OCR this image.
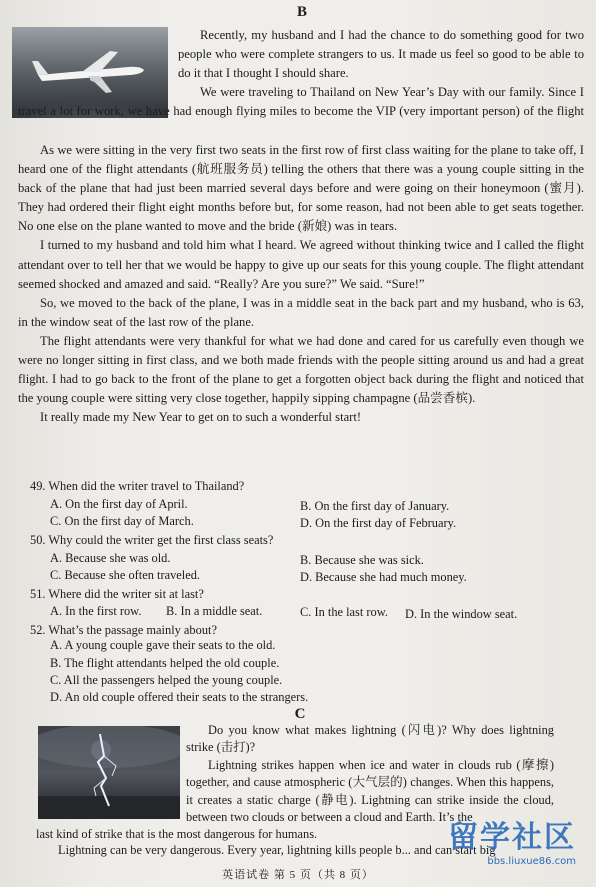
B

Recently, my husband and I had the chance to do something good for two people who were complete strangers to us. It made us feel so good to be able to do it that I thought I should share.

We were traveling to Thailand on New Year’s Day with our family. Since I

travel a lot for work, we have had enough flying miles to become the VIP (very important person) of the flight

As we were sitting in the very first two seats in the first row of first class waiting for the plane to take off, I heard one of the flight attendants (航班服务员) telling the others that there was a young couple sitting in the back of the plane that had just been married several days before and were going on their honeymoon (蜜月). They had ordered their flight eight months before but, for some reason, had not been able to get seats together. No one else on the plane wanted to move and the bride (新娘) was in tears.

I turned to my husband and told him what I heard. We agreed without thinking twice and I called the flight attendant over to tell her that we would be happy to give up our seats for this young couple. The flight attendant seemed shocked and amazed and said. “Really? Are you sure?” We said. “Sure!”

So, we moved to the back of the plane, I was in a middle seat in the back part and my husband, who is 63, in the window seat of the last row of the plane.

The flight attendants were very thankful for what we had done and cared for us carefully even though we were no longer sitting in first class, and we both made friends with the people sitting around us and had a great flight. I had to go back to the front of the plane to get a forgotten object back during the flight and noticed that the young couple were sitting very close together, happily sipping champagne (品尝香槟).

It really made my New Year to get on to such a wonderful start!

49. When did the writer travel to Thailand?
A. On the first day of April.	B. On the first day of January.
C. On the first day of March.	D. On the first day of February.
50. Why could the writer get the first class seats?
A. Because she was old.	B. Because she was sick.
C. Because she often traveled.	D. Because she had much money.
51. Where did the writer sit at last?
A. In the first row. B. In a middle seat.	C. In the last row. D. In the window seat.
52. What’s the passage mainly about?
A. A young couple gave their seats to the old.
B. The flight attendants helped the old couple.
C. All the passengers helped the young couple.
D. An old couple offered their seats to the strangers.
C

Do you know what makes lightning (闪电)? Why does lightning strike (击打)?

Lightning strikes happen when ice and water in clouds rub (摩擦) together, and cause atmospheric (大气层的) changes. When this happens, it creates a static charge (静电). Lightning can strike inside the cloud, between two clouds or between a cloud and Earth. It’s the

last kind of strike that is the most dangerous for humans.

Lightning can be very dangerous. Every year, lightning kills people b... and can start big

英语试卷 第 5 页（共 8 页）
留学社区
bbs.liuxue86.com
